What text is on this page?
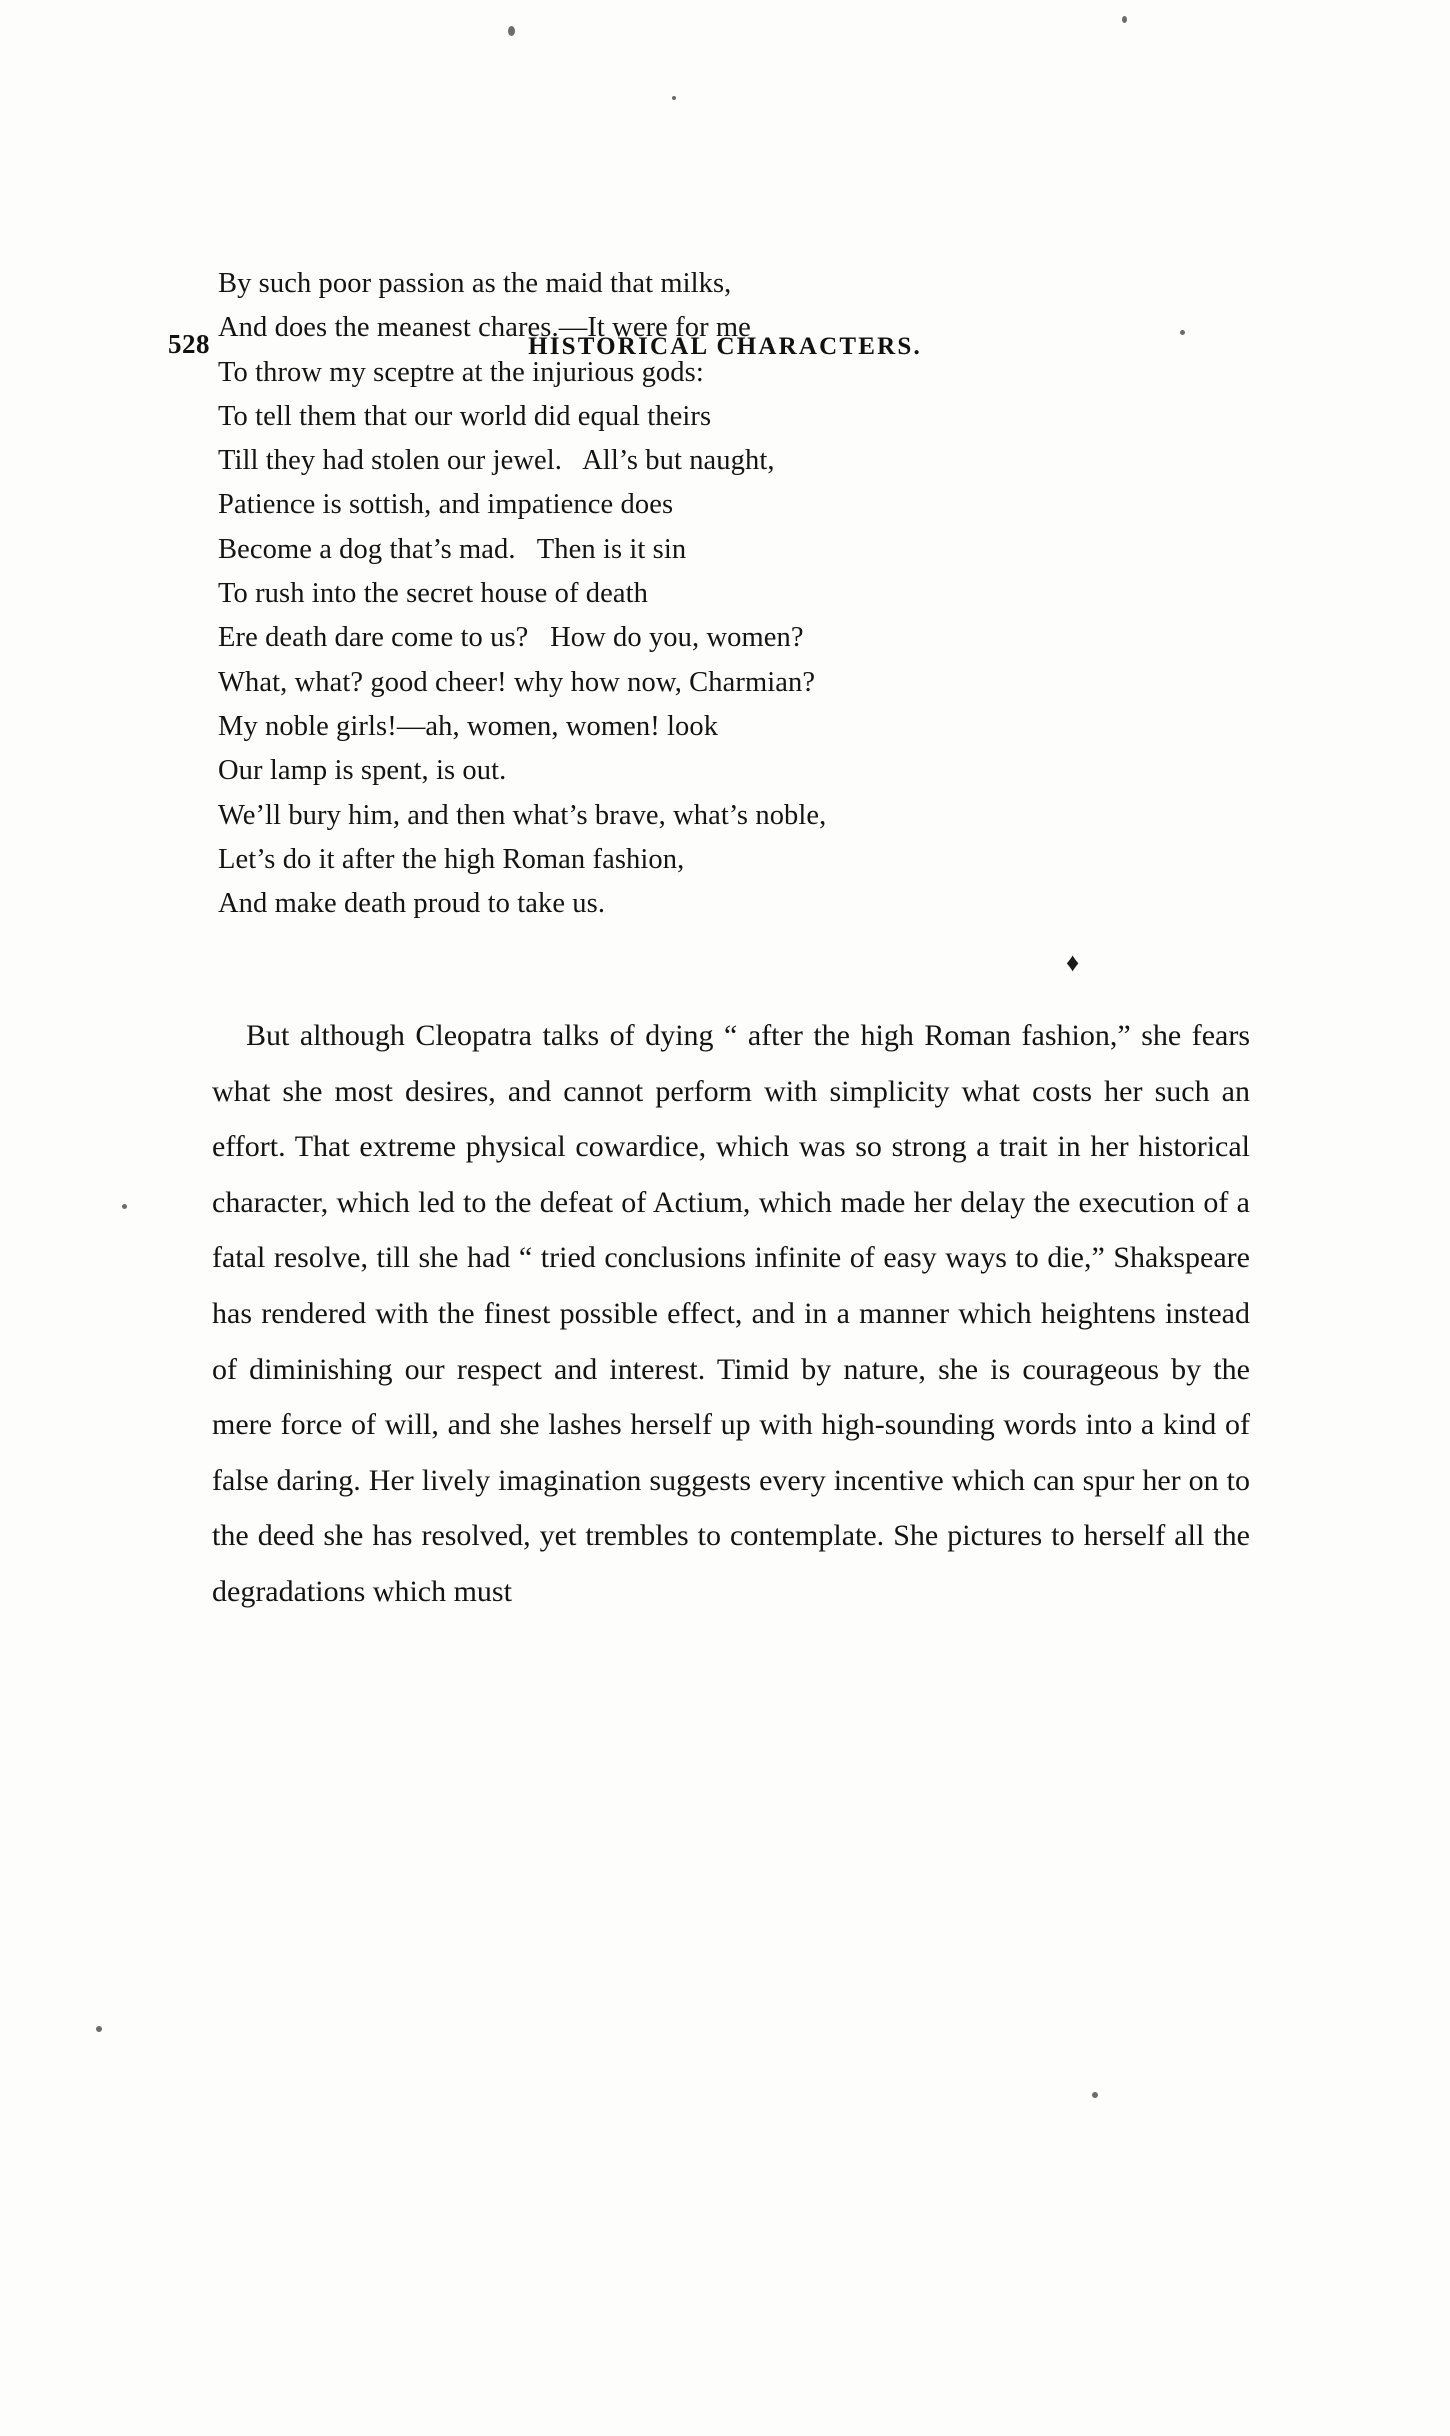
528	HISTORICAL CHARACTERS.
By such poor passion as the maid that milks,
And does the meanest chares.—It were for me
To throw my sceptre at the injurious gods:
To tell them that our world did equal theirs
Till they had stolen our jewel.   All’s but naught,
Patience is sottish, and impatience does
Become a dog that’s mad.   Then is it sin
To rush into the secret house of death
Ere death dare come to us?   How do you, women?
What, what? good cheer! why how now, Charmian?
My noble girls!—ah, women, women! look
Our lamp is spent, is out.
We’ll bury him, and then what’s brave, what’s noble,
Let’s do it after the high Roman fashion,
And make death proud to take us.
♦

But although Cleopatra talks of dying “ after the high Roman fashion,” she fears what she most desires, and cannot perform with simplicity what costs her such an effort. That extreme physical cowardice, which was so strong a trait in her historical character, which led to the defeat of Actium, which made her delay the execution of a fatal resolve, till she had “ tried conclusions infinite of easy ways to die,” Shakspeare has rendered with the finest possible effect, and in a manner which heightens instead of diminishing our respect and interest. Timid by nature, she is courageous by the mere force of will, and she lashes herself up with high-sounding words into a kind of false daring. Her lively imagination suggests every incentive which can spur her on to the deed she has resolved, yet trembles to contemplate. She pictures to herself all the degradations which must
